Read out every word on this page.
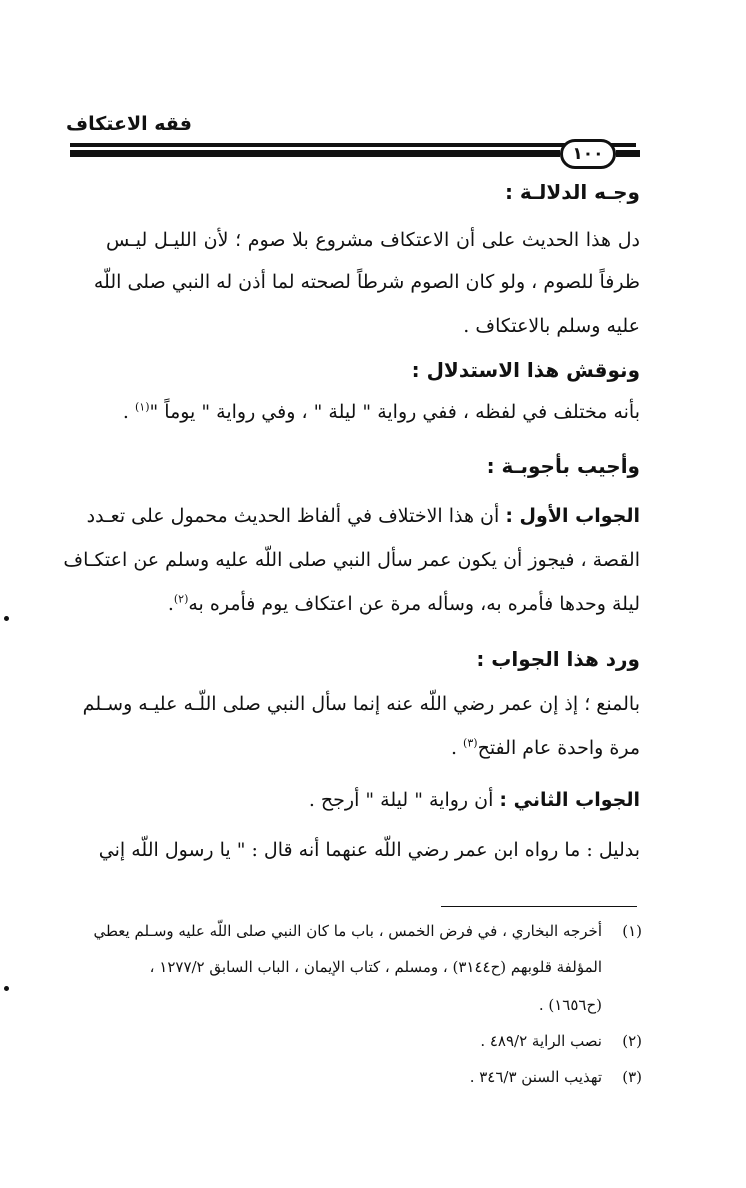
فقه الاعتكاف
١٠٠
وجـه الدلالـة :
دل هذا الحديث على أن الاعتكاف مشروع بلا صوم ؛ لأن الليـل ليـس
ظرفاً للصوم ، ولو كان الصوم شرطاً لصحته لما أذن له النبي صلى اللّه
عليه وسلم بالاعتكاف .
ونوقش هذا الاستدلال :
بأنه مختلف في لفظه ، ففي رواية " ليلة " ، وفي رواية " يوماً "$^{(١)}$ .
وأجيب بأجوبـة :
الجواب الأول : أن هذا الاختلاف في ألفاظ الحديث محمول على تعـدد
القصة ، فيجوز أن يكون عمر سأل النبي صلى اللّه عليه وسلم عن اعتكـاف
ليلة وحدها فأمره به، وسأله مرة عن اعتكاف يوم فأمره به$^{(٢)}$.
ورد هذا الجواب :
بالمنع ؛ إذ إن عمر رضي اللّه عنه إنما سأل النبي صلى اللّـه عليـه وسـلم
مرة واحدة عام الفتح$^{(٣)}$ .
الجواب الثاني : أن رواية " ليلة " أرجح .
بدليل : ما رواه ابن عمر رضي اللّه عنهما أنه قال : " يا رسول اللّه إني
(١)أخرجه البخاري ، في فرض الخمس ، باب ما كان النبي صلى اللّه عليه وسـلم يعطي
المؤلفة قلوبهم (ح٣١٤٤) ، ومسلم ، كتاب الإيمان ، الباب السابق ١٢٧٧/٢ ،
(ح١٦٥٦) .
(٢)نصب الراية ٤٨٩/٢ .
(٣)تهذيب السنن ٣٤٦/٣ .
